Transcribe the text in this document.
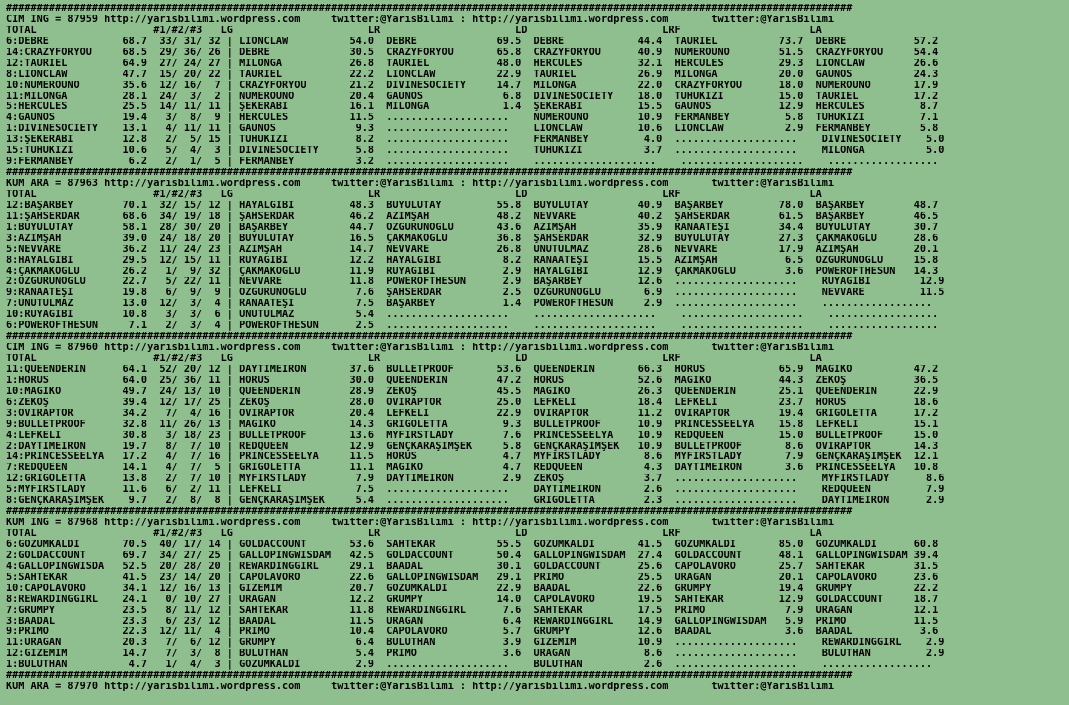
##########################################################################################################################################
CIM ING = 87959 http://yarisbilimi.wordpress.com     twitter:@YarisBilimi : http://yarisbilimi.wordpress.com       twitter:@YarisBilimi
TOTAL                   #1/#2/#3   LG                      LR                      LD                      LRF                     LA
6:DEBRE            68.7  33/ 31/ 32 | LIONCLAW          54.0  DEBRE             69.5  DEBRE            44.4  TAURIEL          73.7  DEBRE           57.2
14:CRAZYFORYOU     68.5  29/ 36/ 26 | DEBRE             30.5  CRAZYFORYOU       65.8  CRAZYFORYOU      40.9  NUMEROUNO        51.5  CRAZYFORYOU     54.4
12:TAURIEL         64.9  27/ 24/ 27 | MILONGA           26.8  TAURIEL           48.0  HERCULES         32.1  HERCULES         29.3  LIONCLAW        26.6
8:LIONCLAW         47.7  15/ 20/ 22 | TAURIEL           22.2  LIONCLAW          22.9  TAURIEL          26.9  MILONGA          20.0  GAUNOS          24.3
10:NUMEROUNO       35.6  12/ 16/  7 | CRAZYFORYOU       21.2  DIVINESOCIETY     14.7  MILONGA          22.0  CRAZYFORYOU      18.0  NUMEROUNO       17.9
11:MILONGA         28.1  24/  3/  2 | NUMEROUNO         20.4  GAUNOS             6.8  DIVINESOCIETY    18.0  TUHUKIZI         15.0  TAURIEL         17.2
5:HERCULES         25.5  14/ 11/ 11 | ŞEKERABİ          16.1  MILONGA            1.4  ŞEKERABİ         15.5  GAUNOS           12.9  HERCULES         8.7
4:GAUNOS           19.4   3/  8/  9 | HERCULES          11.5  ....................    NUMEROUNO        10.9  FERMANBEY         5.8  TUHUKIZI         7.1
1:DIVINESOCIETY    13.1   4/ 11/ 11 | GAUNOS             9.3  ....................    LIONCLAW         10.6  LIONCLAW          2.9  FERMANBEY        5.8
13:ŞEKERABİ        12.8   2/  5/ 15 | TUHUKIZI           8.2  ....................    FERMANBEY         4.0  ....................    DIVINESOCIETY    5.0
15:TUHUKIZI        10.6   5/  4/  3 | DIVINESOCIETY      5.8  ....................    TUHUKIZI          3.7  ....................    MILONGA          5.0
9:FERMANBEY         6.2   2/  1/  5 | FERMANBEY          3.2  ....................    ....................    ....................    ..................
##########################################################################################################################################
KUM ARA = 87963 http://yarisbilimi.wordpress.com     twitter:@YarisBilimi : http://yarisbilimi.wordpress.com       twitter:@YarisBilimi
TOTAL                   #1/#2/#3   LG                      LR                      LD                      LRF                     LA
12:BAŞARBEY        70.1  32/ 15/ 12 | HAYALGİBİ         48.3  BÜYÜLÜTAY         55.8  BÜYÜLÜTAY        40.9  BAŞARBEY         78.0  BAŞARBEY        48.7
11:ŞAHSERDAR       68.6  34/ 19/ 18 | ŞAHSERDAR         46.2  AZİMŞAH           48.2  NEVVARE          40.2  ŞAHSERDAR        61.5  BAŞARBEY        46.5
1:BÜYÜLÜTAY        58.1  28/ 30/ 20 | BAŞARBEY          44.7  ÖZGÜRÜNOĞLU       43.6  AZİMŞAH          35.9  RANAATEŞİ        34.4  BÜYÜLÜTAY       30.7
3:AZİMŞAH          39.0  24/ 18/ 20 | BÜYÜLÜTAY         16.5  ÇAKMAKOĞLU        36.8  ŞAHSERDAR        32.9  BÜYÜLÜTAY        27.3  ÇAKMAKOĞLU      28.6
5:NEVVARE          36.2  11/ 24/ 23 | AZİMŞAH           14.7  NEVVARE           26.8  ÜNUTULMAZ        28.6  NEVVARE          17.9  AZİMŞAH         20.1
8:HAYALGİBİ        29.5  12/ 15/ 11 | RÜYAGİBİ          12.2  HAYALGİBİ          8.2  RANAATEŞİ        15.5  AZİMŞAH           6.5  ÖZGÜRÜNOĞLU     15.8
4:ÇAKMAKOĞLU       26.2   1/  9/ 32 | ÇAKMAKOĞLU        11.9  RÜYAGİBİ           2.9  HAYALGİBİ        12.9  ÇAKMAKOĞLU        3.6  POWEROFTHESUN   14.3
2:ÖZGÜRÜNOĞLU      22.7   5/ 22/ 11 | NEVVARE           11.8  POWEROFTHESUN      2.9  BAŞARBEY         12.6  ....................    RÜYAGİBİ        12.9
9:RANAATEŞİ        19.8   6/  9/  9 | ÖZGÜRÜNOĞLU        7.6  ŞAHSERDAR          2.5  ÖZGÜRÜNOĞLU       6.9  ....................    NEVVARE         11.5
7:ÜNUTULMAZ        13.0  12/  3/  4 | RANAATEŞİ          7.5  BAŞARBEY           1.4  POWEROFTHESUN     2.9  ....................    ..................
10:RÜYAGİBİ        10.8   3/  3/  6 | ÜNUTULMAZ          5.4  ....................    ....................    ....................    ..................
6:POWEROFTHESUN     7.1   2/  3/  4 | POWEROFTHESUN      2.5  ....................    ....................    ....................    ..................
##########################################################################################################################################
CIM ING = 87960 http://yarisbilimi.wordpress.com     twitter:@YarisBilimi : http://yarisbilimi.wordpress.com       twitter:@YarisBilimi
TOTAL                   #1/#2/#3   LG                      LR                      LD                      LRF                     LA
11:QUEENDERİN      64.1  52/ 20/ 12 | DAYTIMEIRON       37.6  BULLETPROOF       53.6  QUEENDERİN       66.3  HORUS            65.9  MAGIKO          47.2
1:HORUS            64.0  25/ 36/ 11 | HORUS             30.0  QUEENDERİN        47.2  HORUS            52.6  MAGIKO           44.3  ZEKOŞ           36.5
10:MAGIKO          49.7  24/ 13/ 10 | QUEENDERİN        28.9  ZEKOŞ             45.5  MAGIKO           26.3  QUEENDERİN       25.1  QUEENDERİN      22.9
6:ZEKOŞ            39.4  12/ 17/ 25 | ZEKOŞ             28.0  OVIRAPTOR         25.0  LEFKELİ          18.4  LEFKELİ          23.7  HORUS           18.6
3:OVIRAPTOR        34.2   7/  4/ 16 | OVIRAPTOR         20.4  LEFKELİ           22.9  OVIRAPTOR        11.2  OVIRAPTOR        19.4  GRIGOLETTA      17.2
9:BULLETPROOF      32.8  11/ 26/ 13 | MAGIKO            14.3  GRIGOLETTA         9.3  BULLETPROOF      10.9  PRINCESSEELYA    15.8  LEFKELİ         15.1
4:LEFKELİ          30.8   3/ 18/ 23 | BULLETPROOF       13.6  MYFIRSTLADY        7.6  PRINCESSEELYA    10.9  REDQUEEN         15.0  BULLETPROOF     15.0
2:DAYTIMEIRON      19.7   8/  7/ 10 | REDQUEEN          12.9  GENÇKARAŞİMŞEK     5.8  GENÇKARAŞİMŞEK   10.9  BULLETPROOF       8.6  OVIRAPTOR       14.3
14:PRINCESSEELYA   17.2   4/  7/ 16 | PRINCESSEELYA     11.5  HORUS              4.7  MYFIRSTLADY       8.6  MYFIRSTLADY       7.9  GENÇKARAŞİMŞEK  12.1
7:REDQUEEN         14.1   4/  7/  5 | GRIGOLETTA        11.1  MAGIKO             4.7  REDQUEEN          4.3  DAYTIMEIRON       3.6  PRINCESSEELYA   10.8
12:GRIGOLETTA      13.8   2/  7/ 10 | MYFIRSTLADY        7.9  DAYTIMEIRON        2.9  ZEKOŞ             3.7  ....................    MYFIRSTLADY      8.6
5:MYFIRSTLADY      11.6   6/  2/ 11 | LEFKELİ            7.5  ....................    DAYTIMEIRON       2.6  ....................    REDQUEEN         7.9
8:GENÇKARAŞİMŞEK    9.7   2/  8/  8 | GENÇKARAŞİMŞEK     5.4  ....................    GRIGOLETTA        2.3  ....................    DAYTIMEIRON      2.9
##########################################################################################################################################
KUM ING = 87968 http://yarisbilimi.wordpress.com     twitter:@YarisBilimi : http://yarisbilimi.wordpress.com       twitter:@YarisBilimi
TOTAL                   #1/#2/#3   LG                      LR                      LD                      LRF                     LA
6:GÖZÜMKALDI       70.5  40/ 17/ 14 | GOLDACCOUNT       53.6  SAHTEKAR          55.5  GÖZÜMKALDI       41.5  GÖZÜMKALDI       85.0  GÖZÜMKALDI      60.8
2:GOLDACCOUNT      69.7  34/ 27/ 25 | GALLOPINGWISDAM   42.5  GOLDACCOUNT       50.4  GALLOPINGWISDAM  27.4  GOLDACCOUNT      48.1  GALLOPINGWISDAM 39.4
4:GALLOPINGWISDA   52.5  20/ 28/ 20 | REWARDINGGIRL     29.1  BAADAL            30.1  GOLDACCOUNT      25.6  CAPOLAVORO       25.7  SAHTEKAR        31.5
5:SAHTEKAR         41.5  23/ 14/ 20 | CAPOLAVORO        22.6  GALLOPINGWISDAM   29.1  PRIMO            25.5  URAGAN           20.1  CAPOLAVORO      23.6
10:CAPOLAVORO      34.1  12/ 16/ 13 | GİZEMİM           20.7  GÖZÜMKALDI        22.9  BAADAL           22.6  GRUMPY           19.4  GRUMPY          22.2
8:REWARDINGGIRL    24.1   0/ 10/ 27 | URAGAN            12.2  GRUMPY            14.0  CAPOLAVORO       19.5  SAHTEKAR         12.9  GOLDACCOUNT     18.7
7:GRUMPY           23.5   8/ 11/ 12 | SAHTEKAR          11.8  REWARDINGGIRL      7.6  SAHTEKAR         17.5  PRIMO             7.9  URAGAN          12.1
3:BAADAL           23.3   6/ 23/ 12 | BAADAL            11.5  URAGAN             6.4  REWARDINGGIRL    14.9  GALLOPINGWISDAM   5.9  PRIMO           11.5
9:PRIMO            22.3  12/ 11/  4 | PRIMO             10.4  CAPOLAVORO         5.7  GRUMPY           12.6  BAADAL            3.6  BAADAL           3.6
11:URAGAN          20.3   7/  6/ 12 | GRUMPY             6.4  BULUTHAN           3.9  GİZEMİM          10.9  ....................    REWARDINGGIRL    2.9
12:GİZEMİM         14.7   7/  3/  8 | BULUTHAN           5.4  PRIMO              3.6  URAGAN            8.6  ....................    BULUTHAN         2.9
1:BULUTHAN          4.7   1/  4/  3 | GÖZÜMKALDI         2.9  ....................    BULUTHAN          2.6  ....................    ..................
##########################################################################################################################################
KUM ARA = 87970 http://yarisbilimi.wordpress.com     twitter:@YarisBilimi : http://yarisbilimi.wordpress.com       twitter:@YarisBilimi
